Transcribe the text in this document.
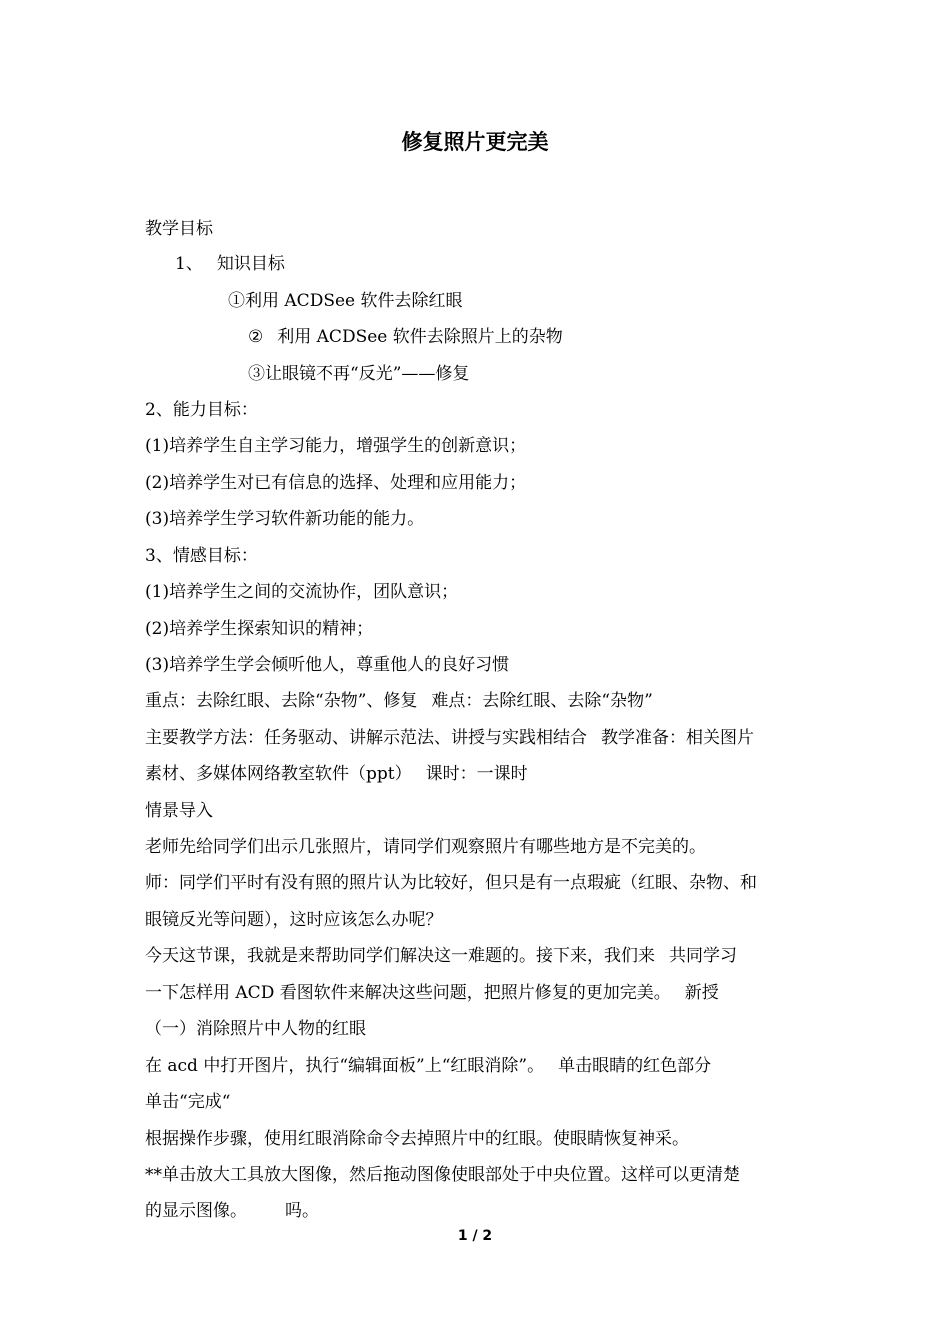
修复照片更完美
教学目标
1、 知识目标
①利用 ACDSee 软件去除红眼
② 利用 ACDSee 软件去除照片上的杂物
③让眼镜不再“反光”——修复
2、能力目标：
(1)培养学生自主学习能力，增强学生的创新意识；
(2)培养学生对已有信息的选择、处理和应用能力；
(3)培养学生学习软件新功能的能力。
3、情感目标：
(1)培养学生之间的交流协作，团队意识；
(2)培养学生探索知识的精神；
(3)培养学生学会倾听他人，尊重他人的良好习惯
重点：去除红眼、去除“杂物”、修复 难点：去除红眼、去除“杂物”
主要教学方法：任务驱动、讲解示范法、讲授与实践相结合 教学准备：相关图片
素材、多媒体网络教室软件（ppt） 课时：一课时
情景导入
老师先给同学们出示几张照片，请同学们观察照片有哪些地方是不完美的。
师：同学们平时有没有照的照片认为比较好，但只是有一点瑕疵（红眼、杂物、和
眼镜反光等问题），这时应该怎么办呢？
今天这节课，我就是来帮助同学们解决这一难题的。接下来，我们来 共同学习
一下怎样用 ACD 看图软件来解决这些问题，把照片修复的更加完美。 新授
（一）消除照片中人物的红眼
在 acd 中打开图片，执行“编辑面板”上“红眼消除”。 单击眼睛的红色部分
单击“完成“
根据操作步骤，使用红眼消除命令去掉照片中的红眼。使眼睛恢复神采。
**单击放大工具放大图像，然后拖动图像使眼部处于中央位置。这样可以更清楚
的显示图像。 吗。
1 / 2
